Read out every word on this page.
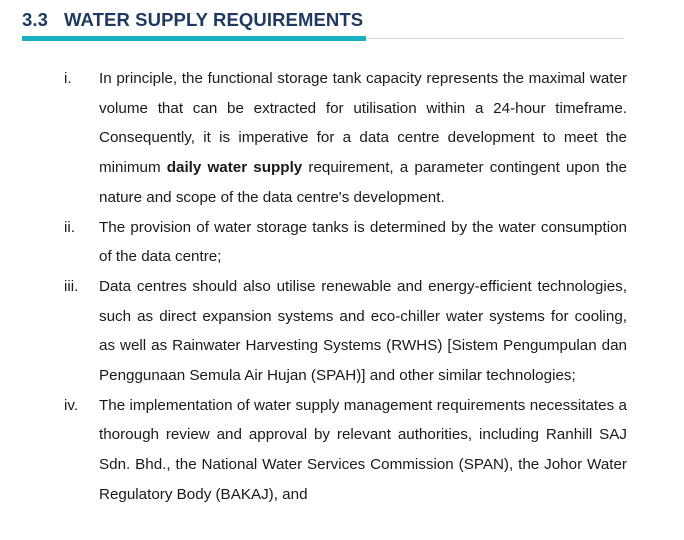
3.3 WATER SUPPLY REQUIREMENTS
i. In principle, the functional storage tank capacity represents the maximal water volume that can be extracted for utilisation within a 24-hour timeframe. Consequently, it is imperative for a data centre development to meet the minimum daily water supply requirement, a parameter contingent upon the nature and scope of the data centre's development.
ii. The provision of water storage tanks is determined by the water consumption of the data centre;
iii. Data centres should also utilise renewable and energy-efficient technologies, such as direct expansion systems and eco-chiller water systems for cooling, as well as Rainwater Harvesting Systems (RWHS) [Sistem Pengumpulan dan Penggunaan Semula Air Hujan (SPAH)] and other similar technologies;
iv. The implementation of water supply management requirements necessitates a thorough review and approval by relevant authorities, including Ranhill SAJ Sdn. Bhd., the National Water Services Commission (SPAN), the Johor Water Regulatory Body (BAKAJ), and
